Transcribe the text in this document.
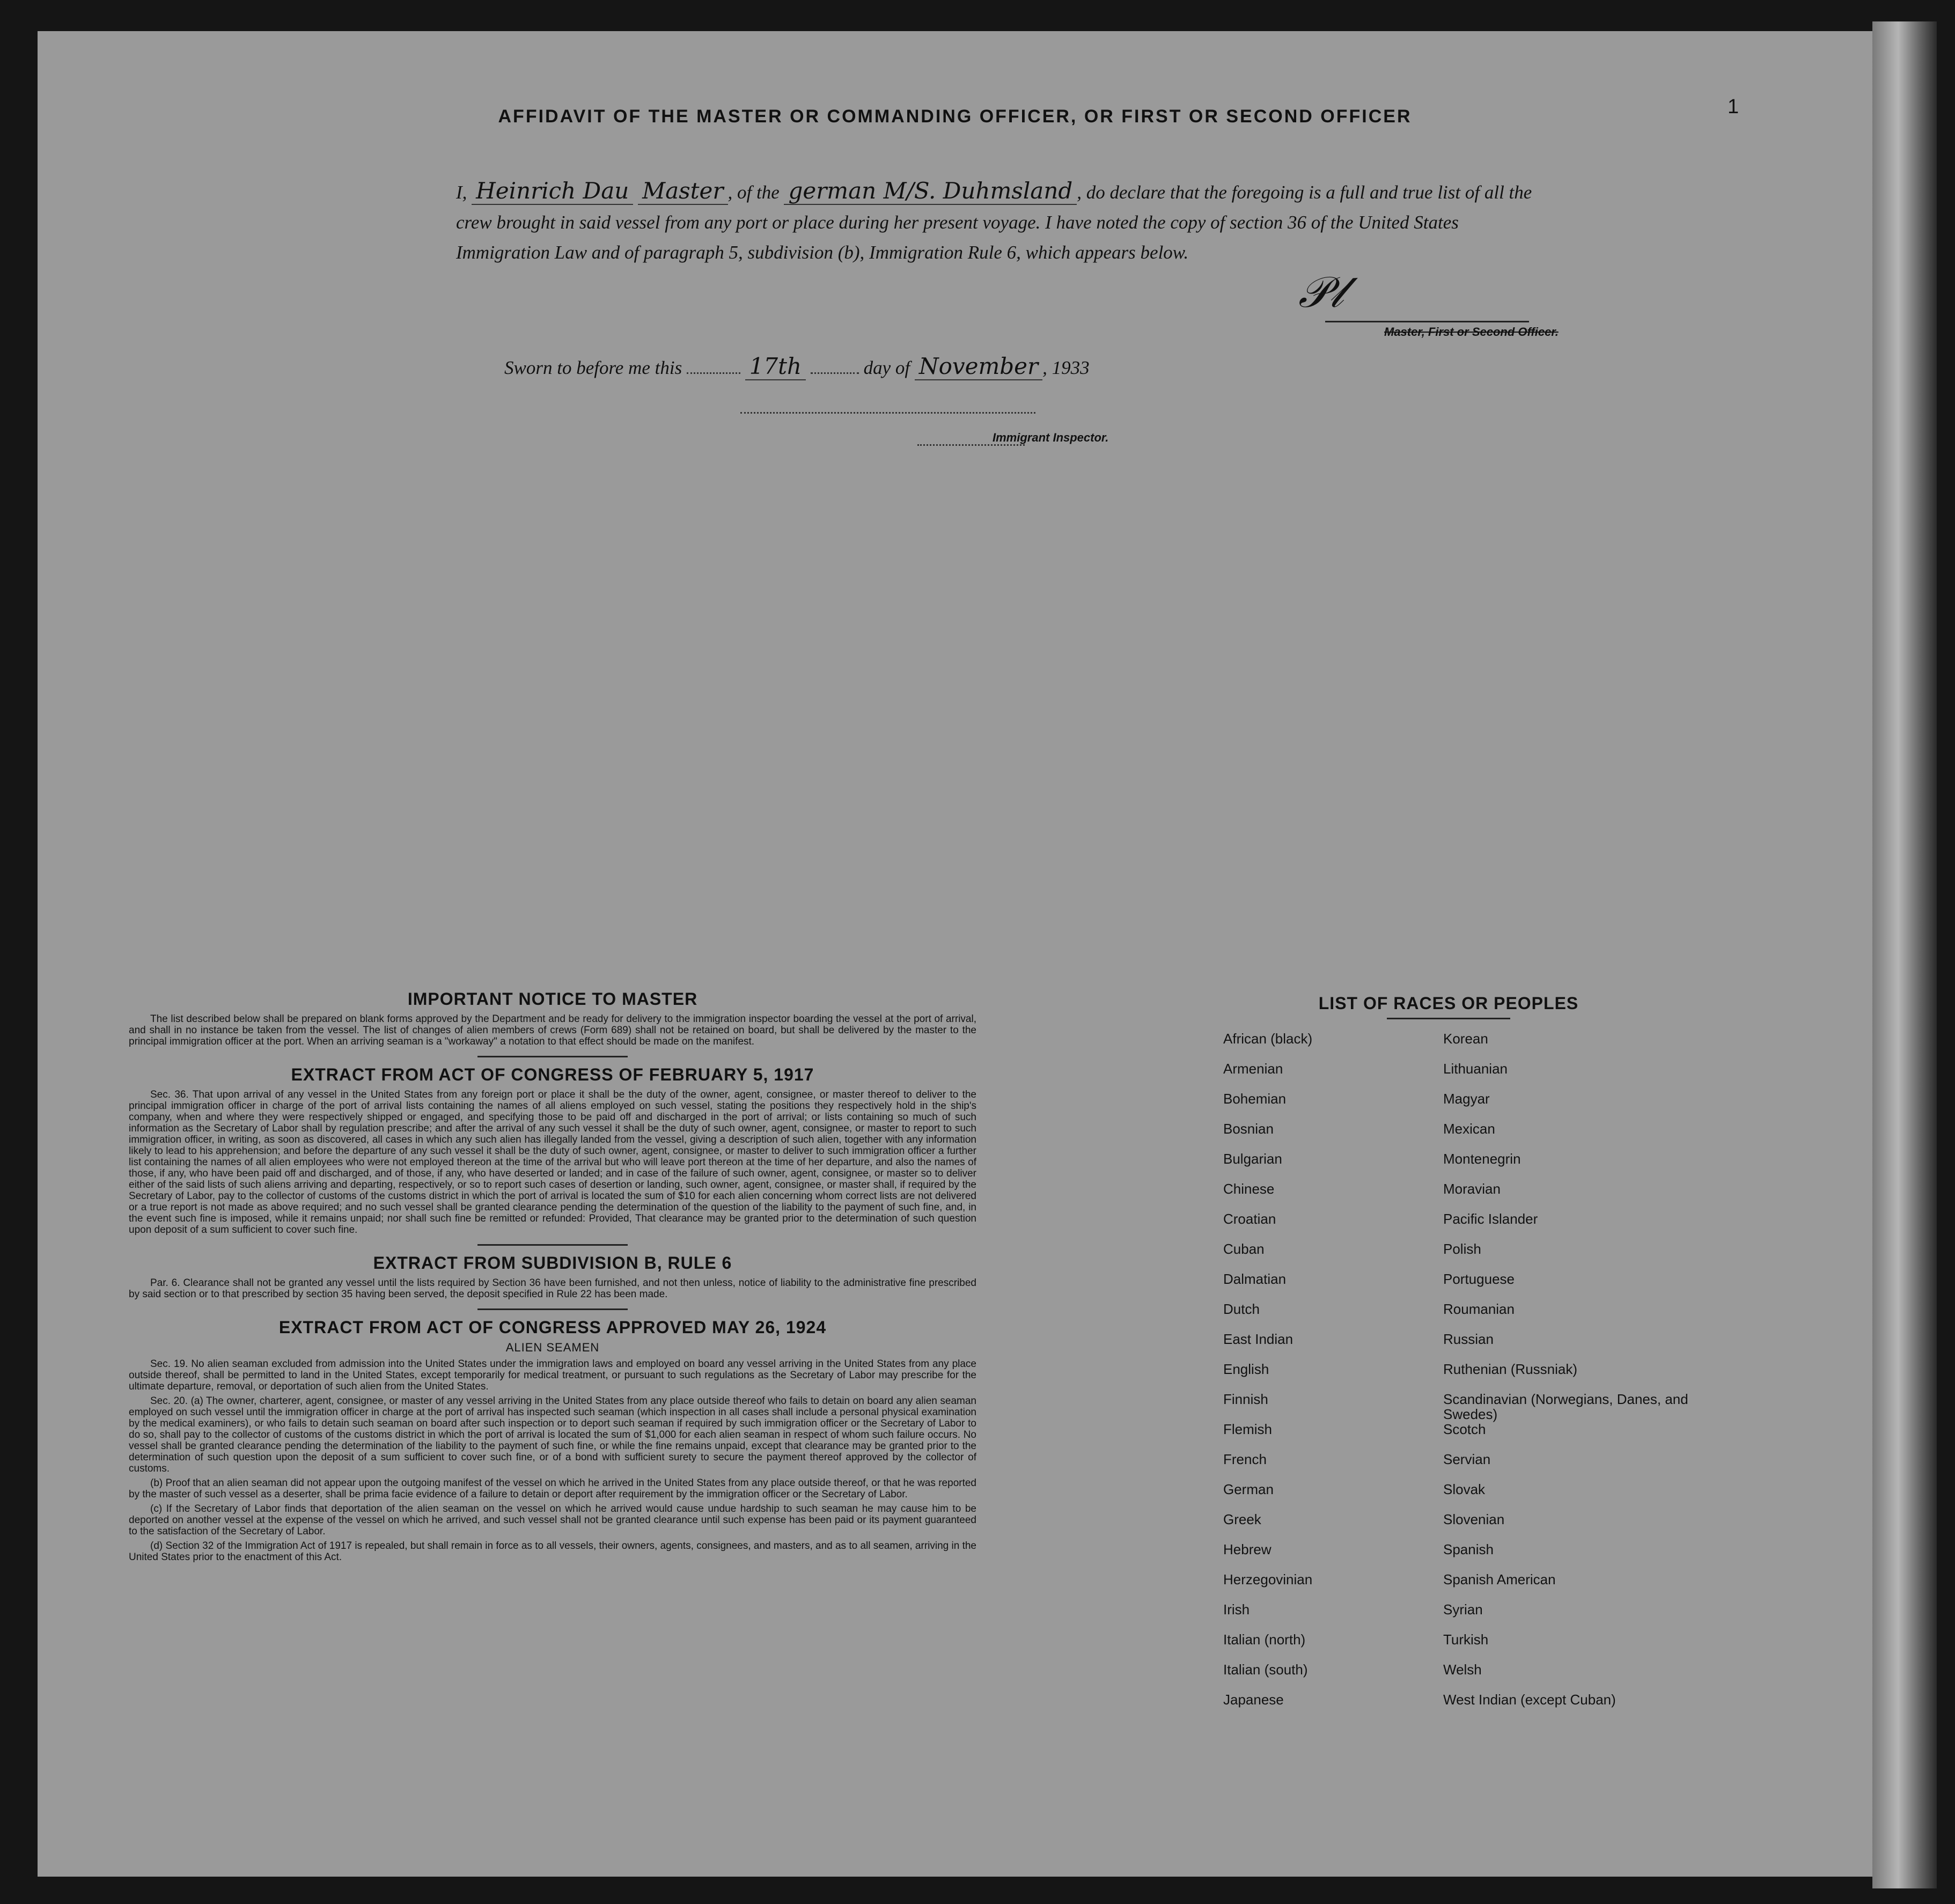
1
AFFIDAVIT OF THE MASTER OR COMMANDING OFFICER, OR FIRST OR SECOND OFFICER
I, Heinrich Dau Master , of the german M/S. Duhmsland , do declare that the foregoing is a full and true list of all the crew brought in said vessel from any port or place during her present voyage. I have noted the copy of section 36 of the United States Immigration Law and of paragraph 5, subdivision (b), Immigration Rule 6, which appears below.
𝒫𝓁
Master, First or Second Officer.
Sworn to before me this	17th	day of November , 1933
Immigrant Inspector.
IMPORTANT NOTICE TO MASTER

The list described below shall be prepared on blank forms approved by the Department and be ready for delivery to the immigration inspector boarding the vessel at the port of arrival, and shall in no instance be taken from the vessel. The list of changes of alien members of crews (Form 689) shall not be retained on board, but shall be delivered by the master to the principal immigration officer at the port. When an arriving seaman is a "workaway" a notation to that effect should be made on the manifest.

EXTRACT FROM ACT OF CONGRESS OF FEBRUARY 5, 1917

Sec. 36. That upon arrival of any vessel in the United States from any foreign port or place it shall be the duty of the owner, agent, consignee, or master thereof to deliver to the principal immigration officer in charge of the port of arrival lists containing the names of all aliens employed on such vessel, stating the positions they respectively hold in the ship's company, when and where they were respectively shipped or engaged, and specifying those to be paid off and discharged in the port of arrival; or lists containing so much of such information as the Secretary of Labor shall by regulation prescribe; and after the arrival of any such vessel it shall be the duty of such owner, agent, consignee, or master to report to such immigration officer, in writing, as soon as discovered, all cases in which any such alien has illegally landed from the vessel, giving a description of such alien, together with any information likely to lead to his apprehension; and before the departure of any such vessel it shall be the duty of such owner, agent, consignee, or master to deliver to such immigration officer a further list containing the names of all alien employees who were not employed thereon at the time of the arrival but who will leave port thereon at the time of her departure, and also the names of those, if any, who have been paid off and discharged, and of those, if any, who have deserted or landed; and in case of the failure of such owner, agent, consignee, or master so to deliver either of the said lists of such aliens arriving and departing, respectively, or so to report such cases of desertion or landing, such owner, agent, consignee, or master shall, if required by the Secretary of Labor, pay to the collector of customs of the customs district in which the port of arrival is located the sum of $10 for each alien concerning whom correct lists are not delivered or a true report is not made as above required; and no such vessel shall be granted clearance pending the determination of the question of the liability to the payment of such fine, and, in the event such fine is imposed, while it remains unpaid; nor shall such fine be remitted or refunded: Provided, That clearance may be granted prior to the determination of such question upon deposit of a sum sufficient to cover such fine.

EXTRACT FROM SUBDIVISION B, RULE 6

Par. 6. Clearance shall not be granted any vessel until the lists required by Section 36 have been furnished, and not then unless, notice of liability to the administrative fine prescribed by said section or to that prescribed by section 35 having been served, the deposit specified in Rule 22 has been made.

EXTRACT FROM ACT OF CONGRESS APPROVED MAY 26, 1924
ALIEN SEAMEN

Sec. 19. No alien seaman excluded from admission into the United States under the immigration laws and employed on board any vessel arriving in the United States from any place outside thereof, shall be permitted to land in the United States, except temporarily for medical treatment, or pursuant to such regulations as the Secretary of Labor may prescribe for the ultimate departure, removal, or deportation of such alien from the United States.

Sec. 20. (a) The owner, charterer, agent, consignee, or master of any vessel arriving in the United States from any place outside thereof who fails to detain on board any alien seaman employed on such vessel until the immigration officer in charge at the port of arrival has inspected such seaman (which inspection in all cases shall include a personal physical examination by the medical examiners), or who fails to detain such seaman on board after such inspection or to deport such seaman if required by such immigration officer or the Secretary of Labor to do so, shall pay to the collector of customs of the customs district in which the port of arrival is located the sum of $1,000 for each alien seaman in respect of whom such failure occurs. No vessel shall be granted clearance pending the determination of the liability to the payment of such fine, or while the fine remains unpaid, except that clearance may be granted prior to the determination of such question upon the deposit of a sum sufficient to cover such fine, or of a bond with sufficient surety to secure the payment thereof approved by the collector of customs.

(b) Proof that an alien seaman did not appear upon the outgoing manifest of the vessel on which he arrived in the United States from any place outside thereof, or that he was reported by the master of such vessel as a deserter, shall be prima facie evidence of a failure to detain or deport after requirement by the immigration officer or the Secretary of Labor.

(c) If the Secretary of Labor finds that deportation of the alien seaman on the vessel on which he arrived would cause undue hardship to such seaman he may cause him to be deported on another vessel at the expense of the vessel on which he arrived, and such vessel shall not be granted clearance until such expense has been paid or its payment guaranteed to the satisfaction of the Secretary of Labor.

(d) Section 32 of the Immigration Act of 1917 is repealed, but shall remain in force as to all vessels, their owners, agents, consignees, and masters, and as to all seamen, arriving in the United States prior to the enactment of this Act.

LIST OF RACES OR PEOPLES
African (black)
Armenian
Bohemian
Bosnian
Bulgarian
Chinese
Croatian
Cuban
Dalmatian
Dutch
East Indian
English
Finnish
Flemish
French
German
Greek
Hebrew
Herzegovinian
Irish
Italian (north)
Italian (south)
Japanese
Korean
Lithuanian
Magyar
Mexican
Montenegrin
Moravian
Pacific Islander
Polish
Portuguese
Roumanian
Russian
Ruthenian (Russniak)
Scandinavian (Norwegians, Danes, and Swedes)
Scotch
Servian
Slovak
Slovenian
Spanish
Spanish American
Syrian
Turkish
Welsh
West Indian (except Cuban)
